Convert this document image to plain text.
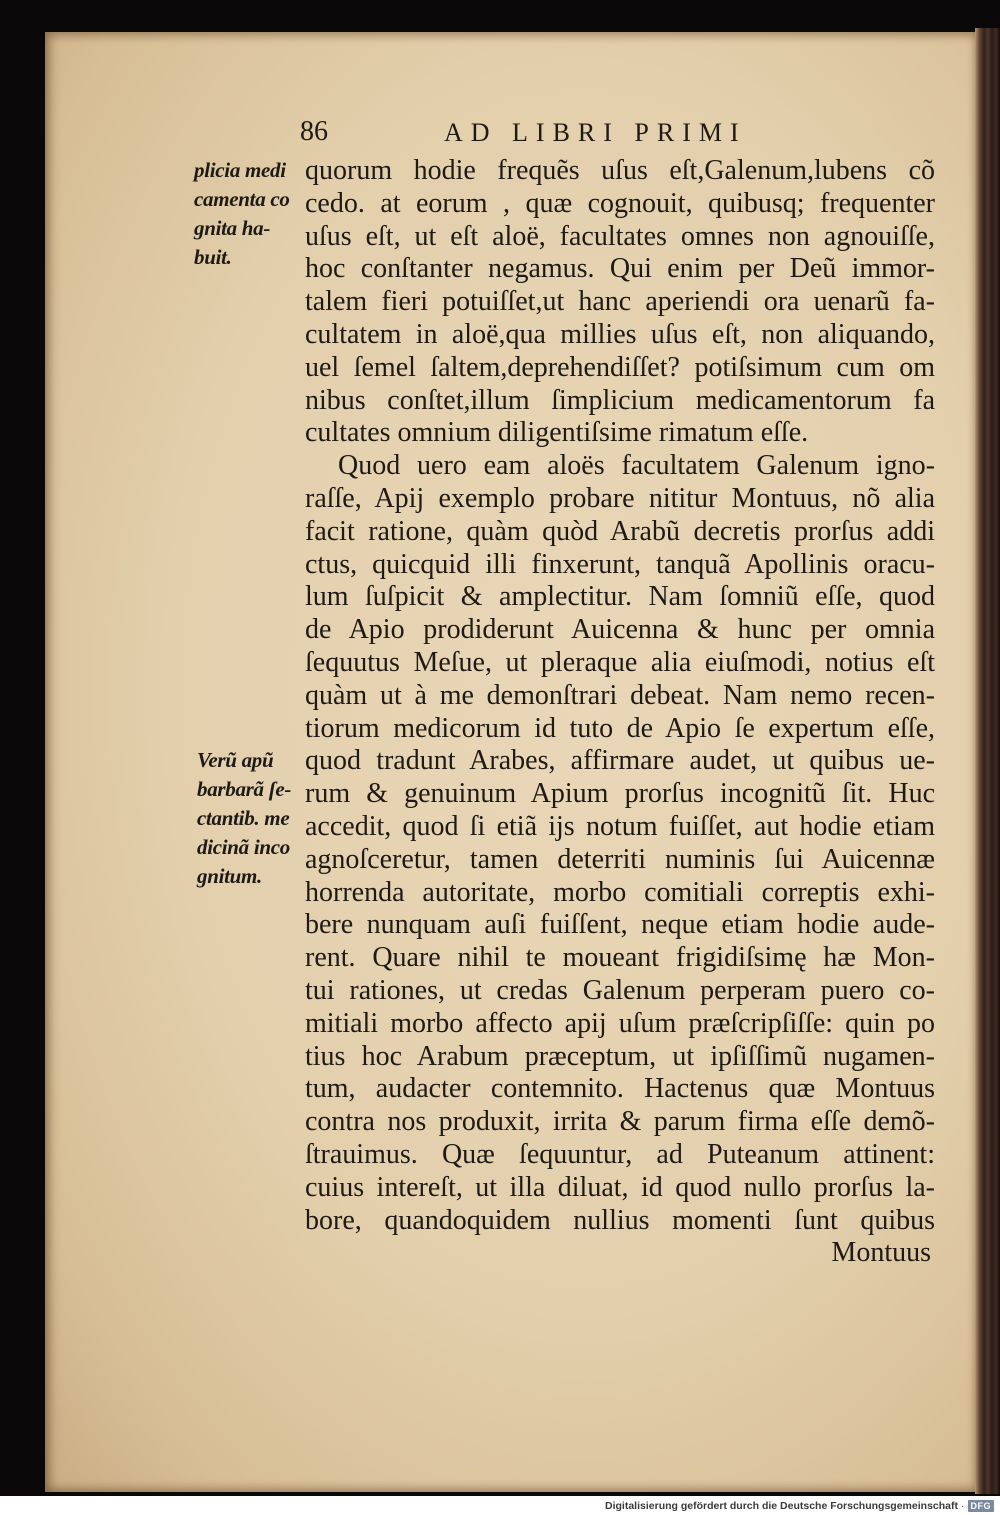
86	AD LIBRI PRIMI
plicia medi
camenta co
gnita ha-
buit.
Verũ apũ
barbarã ſe-
ctantib. me
dicinã inco
gnitum.
quorum hodie frequẽs uſus eſt,Galenum,lubens cõ
cedo. at eorum , quæ cognouit, quibusq; frequenter
uſus eſt, ut eſt aloë, facultates omnes non agnouiſſe,
hoc conſtanter negamus. Qui enim per Deũ immor-
talem fieri potuiſſet,ut hanc aperiendi ora uenarũ fa-
cultatem in aloë,qua millies uſus eſt, non aliquando,
uel ſemel ſaltem,deprehendiſſet? potiſsimum cum om
nibus conſtet,illum ſimplicium medicamentorum fa
cultates omnium diligentiſsime rimatum eſſe.
Quod uero eam aloës facultatem Galenum igno-
raſſe, Apij exemplo probare nititur Montuus, nõ alia
facit ratione, quàm quòd Arabũ decretis prorſus addi
ctus, quicquid illi finxerunt, tanquã Apollinis oracu-
lum ſuſpicit & amplectitur. Nam ſomniũ eſſe, quod
de Apio prodiderunt Auicenna & hunc per omnia
ſequutus Meſue, ut pleraque alia eiuſmodi, notius eſt
quàm ut à me demonſtrari debeat. Nam nemo recen-
tiorum medicorum id tuto de Apio ſe expertum eſſe,
quod tradunt Arabes, affirmare audet, ut quibus ue-
rum & genuinum Apium prorſus incognitũ ſit. Huc
accedit, quod ſi etiã ijs notum fuiſſet, aut hodie etiam
agnoſceretur, tamen deterriti numinis ſui Auicennæ
horrenda autoritate, morbo comitiali correptis exhi-
bere nunquam auſi fuiſſent, neque etiam hodie aude-
rent. Quare nihil te moueant frigidiſsimę hæ Mon-
tui rationes, ut credas Galenum perperam puero co-
mitiali morbo affecto apij uſum præſcripſiſſe: quin po
tius hoc Arabum præceptum, ut ipſiſſimũ nugamen-
tum, audacter contemnito. Hactenus quæ Montuus
contra nos produxit, irrita & parum firma eſſe demõ-
ſtrauimus. Quæ ſequuntur, ad Puteanum attinent:
cuius intereſt, ut illa diluat, id quod nullo prorſus la-
bore, quandoquidem nullius momenti ſunt quibus
Montuus
Digitalisierung gefördert durch die Deutsche Forschungsgemeinschaft · DFG
